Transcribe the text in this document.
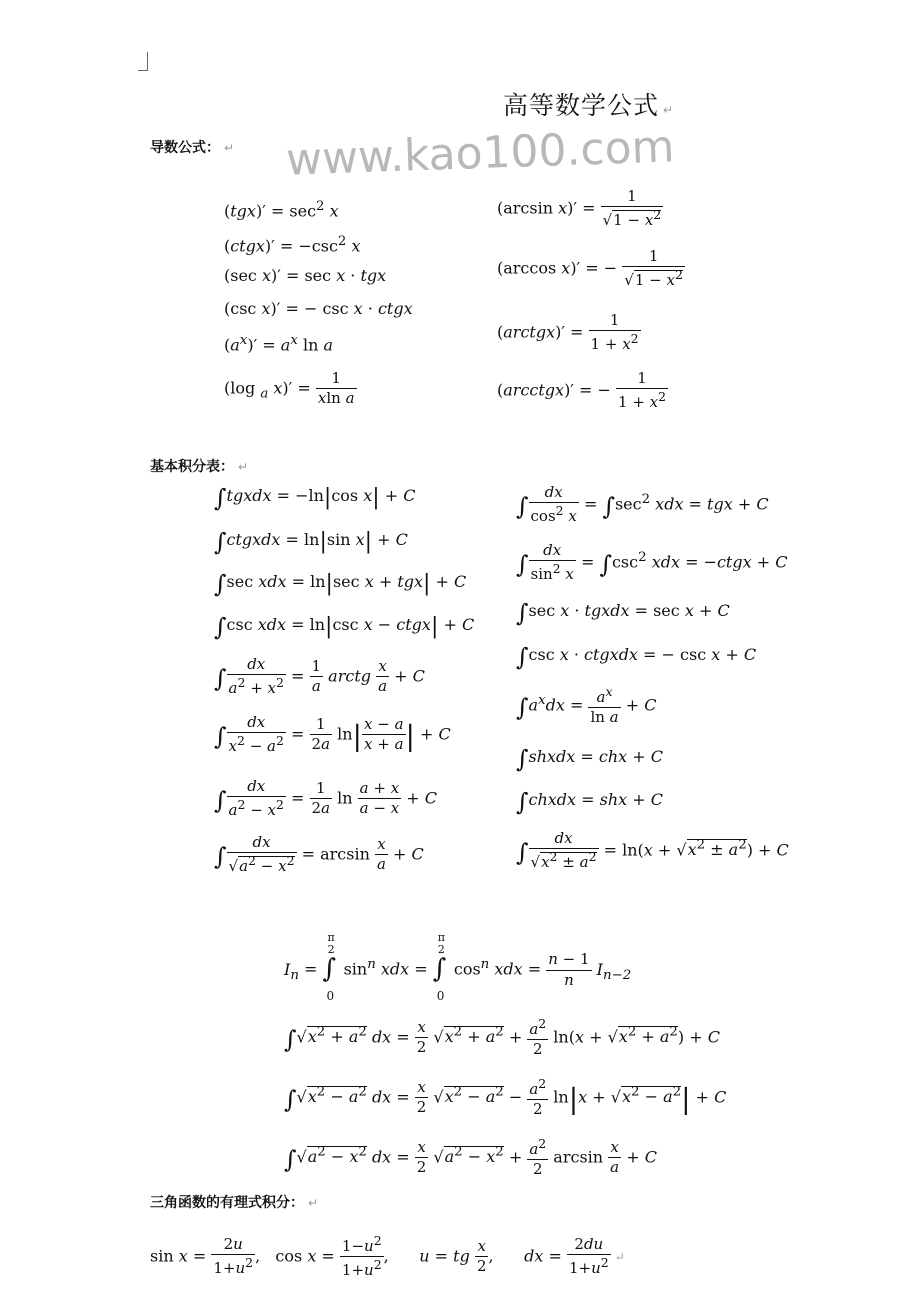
高等数学公式 ↵
www.kao100.com
导数公式： ↵
$(tgx)' = \sec^2 x$
(ctgx)′ = $-\csc^2$ x
(sec x)′ = sec x · tgx
(csc x)′ = − csc x · ctgx
$(a^x)' = a^x$ ln a
(log $_a$ $x)' = \frac{1}{\text{xln a}}$
(arcsin $x)' = \frac{1}{√1 - x^2}$
(arccos x)′ = − $\frac{1}{√1 - x^2}$
(arctgx)′ = $\frac{1}{1 + x^2}$
(arcctgx)′ = − $\frac{1}{1 + x^2}$
基本积分表： ↵
∫tgxdx = −ln|cos x| + C
∫ctgxdx = ln|sin x| + C
∫sec xdx = ln|sec x + tgx| + C
∫csc xdx = ln|csc x − ctgx| + C
∫ $\frac{dx}{a^2 + x^2} = \frac{1}{a}$ arctg $\frac{x}{a} + C$
∫ $\frac{dx}{x^2 - a^2} = \frac{1}{2a} \ln| \frac{x - a}{x + a}$ | + C
∫ $\frac{dx}{a^2 - x^2} = \frac{1}{2a}$ $\ln \frac{a + x}{a - x} + C$
∫ $\frac{dx}{√a^2 - x^2} = \arcsin \frac{x}{a} + C$
∫ $\frac{dx}{\cos^2 x} = \int\sec^2$ xdx = tgx + C
∫ $\frac{dx}{\sin^2 x} = \int\csc^2$ xdx = −ctgx + C
∫sec x · tgxdx = sec x + C
∫csc x · ctgxdx = − csc x + C
$\int a^xdx = \frac{a^x}{\text{ln a}} + C$
∫shxdx = chx + C
∫chxdx = shx + C
∫ $\frac{dx}{√x^2 \pm a^2} = \ln(x + √x^2 \pm a^2) + C$
$I_n$ =
π
2
∫
0
$\sin^n$ xdx =
π
2
∫
0
$\cos^n$ xdx = $\frac{n - 1}{n} I_{n-2}$
$\int√x^2 + a^2$ dx = $\frac{x}{2} √x^2 + a^2 + \frac{a^2}{2} \ln(x + √x^2 + a^2) + C$
$\int√x^2 - a^2$ dx = $\frac{x}{2} √x^2 - a^2 - \frac{a^2}{2} \ln|x + √x^2 - a^2| + C$
$\int√a^2 - x^2$ dx = $\frac{x}{2} √a^2 - x^2 + \frac{a^2}{2}$ $\arcsin \frac{x}{a} + C$
三角函数的有理式积分： ↵
$\sin x = \frac{2u}{1+u^2}$ ,   $\cos x = \frac{1-u^2}{1+u^2}$ ,      u = tg $\frac{x}{2}$ ,      dx = $\frac{2du}{1+u^2}$ ↵
